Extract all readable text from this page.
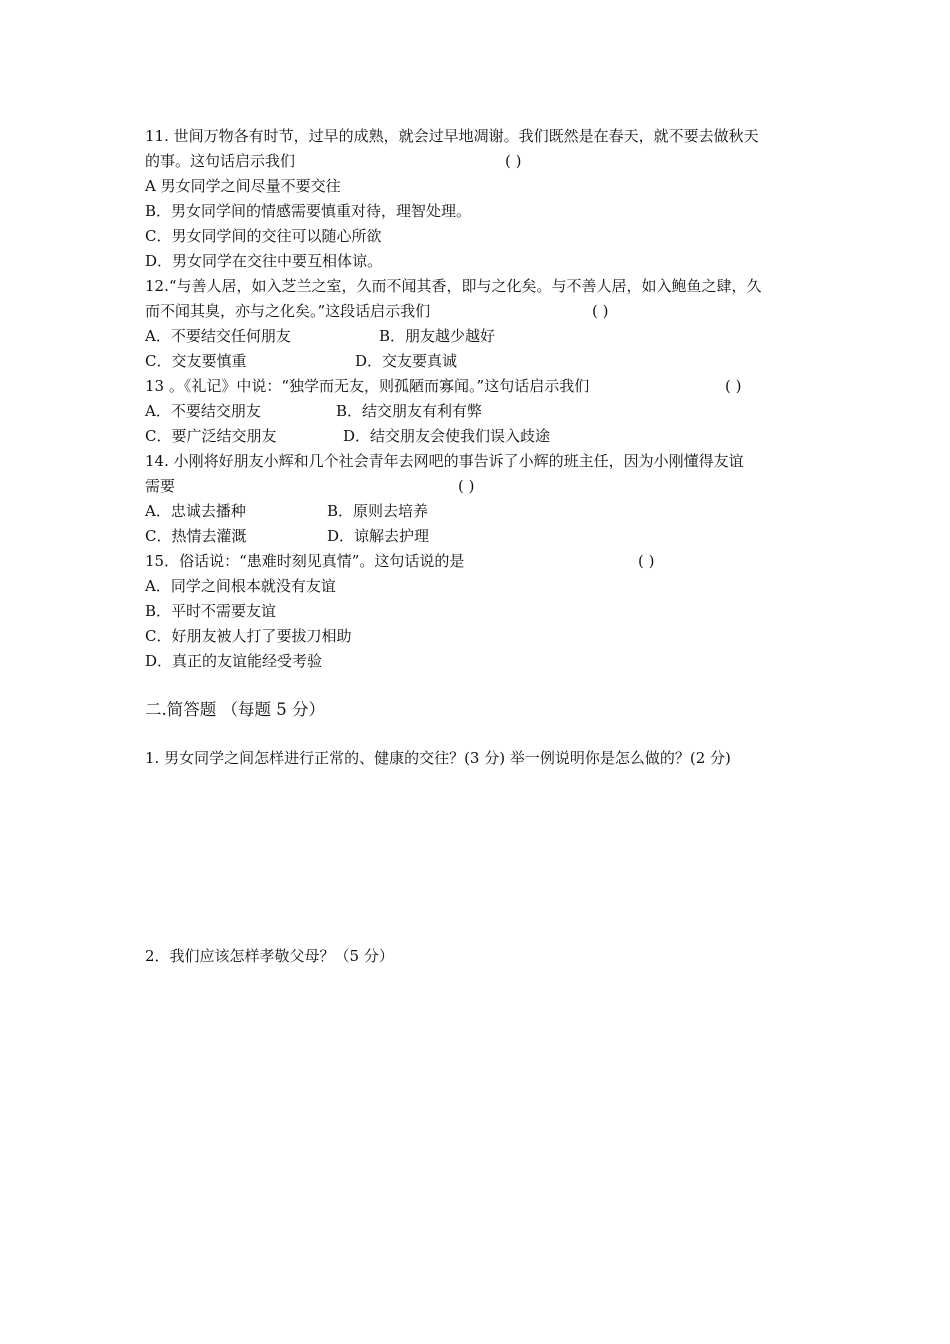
11. 世间万物各有时节，过早的成熟，就会过早地凋谢。我们既然是在春天，就不要去做秋天
的事。这句话启示我们	( )
A 男女同学之间尽量不要交往
B．男女同学间的情感需要慎重对待，理智处理。
C．男女同学间的交往可以随心所欲
D．男女同学在交往中要互相体谅。
12.“与善人居，如入芝兰之室，久而不闻其香，即与之化矣。与不善人居，如入鲍鱼之肆，久
而不闻其臭，亦与之化矣。”这段话启示我们	( )
A．不要结交任何朋友	B．朋友越少越好
C．交友要慎重	D．交友要真诚
13 。《礼记》中说：“独学而无友，则孤陋而寡闻。”这句话启示我们	( )
A．不要结交朋友	B．结交朋友有利有弊
C．要广泛结交朋友	D．结交朋友会使我们误入歧途
14. 小刚将好朋友小辉和几个社会青年去网吧的事告诉了小辉的班主任，因为小刚懂得友谊
需要	( )
A．忠诚去播种	B．原则去培养
C．热情去灌溉	D．谅解去护理
15．俗话说：“患难时刻见真情”。这句话说的是	( )
A．同学之间根本就没有友谊
B．平时不需要友谊
C．好朋友被人打了要拔刀相助
D．真正的友谊能经受考验
二.简答题 （每题 5 分）
1. 男女同学之间怎样进行正常的、健康的交往？(3 分) 举一例说明你是怎么做的？(2 分)
2．我们应该怎样孝敬父母？（5 分）
